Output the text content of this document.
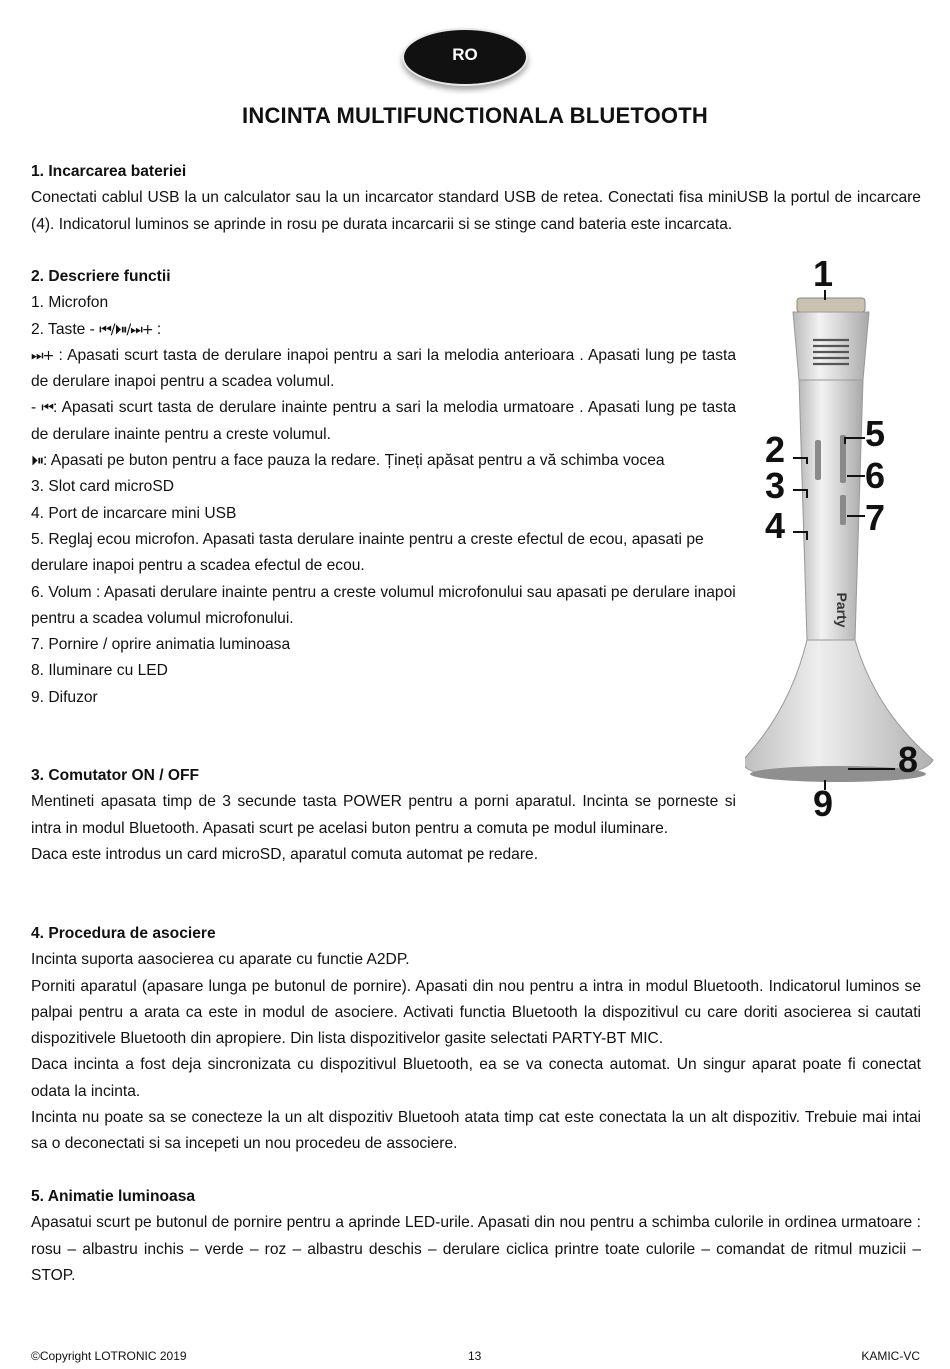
RO
INCINTA MULTIFUNCTIONALA BLUETOOTH

1. Incarcarea bateriei

Conectati cablul USB la un calculator sau la un incarcator standard USB de retea. Conectati fisa miniUSB la portul de incarcare (4). Indicatorul luminos se aprinde in rosu pe durata incarcarii si se stinge cand bateria este incarcata.

2. Descriere functii

1. Microfon

2. Taste - ⏮/⏵⏸/⏭+ :

⏭+ : Apasati scurt tasta de derulare inapoi pentru a sari la melodia anterioara . Apasati lung pe tasta de derulare inapoi pentru a scadea volumul.

- ⏮: Apasati scurt tasta de derulare inainte pentru a sari la melodia urmatoare . Apasati lung pe tasta de derulare inainte pentru a creste volumul.

⏵⏸: Apasati pe buton pentru a face pauza la redare. Țineți apăsat pentru a vă schimba vocea

3. Slot card microSD

4. Port de incarcare mini USB

5. Reglaj ecou microfon. Apasati tasta derulare inainte pentru a creste efectul de ecou, apasati pe derulare inapoi pentru a scadea efectul de ecou.

6. Volum : Apasati derulare inainte pentru a creste volumul microfonului sau apasati pe derulare inapoi pentru a scadea volumul microfonului.

7. Pornire / oprire animatia luminoasa

8. Iluminare cu LED

9. Difuzor

3. Comutator ON / OFF

Mentineti apasata timp de 3 secunde tasta POWER pentru a porni aparatul. Incinta se porneste si intra in modul Bluetooth. Apasati scurt pe acelasi buton pentru a comuta pe modul iluminare.

Daca este introdus un card microSD, aparatul comuta automat pe redare.

4. Procedura de asociere

Incinta suporta aasocierea cu aparate cu functie A2DP.

Porniti aparatul (apasare lunga pe butonul de pornire). Apasati din nou pentru a intra in modul Bluetooth. Indicatorul luminos se palpai pentru a arata ca este in modul de asociere. Activati functia Bluetooth la dispozitivul cu care doriti asocierea si cautati dispozitivele Bluetooth din apropiere. Din lista dispozitivelor gasite selectati PARTY-BT MIC.

Daca incinta a fost deja sincronizata cu dispozitivul Bluetooth, ea se va conecta automat. Un singur aparat poate fi conectat odata la incinta.

Incinta nu poate sa se conecteze la un alt dispozitiv Bluetooh atata timp cat este conectata la un alt dispozitiv. Trebuie mai intai sa o deconectati si sa incepeti un nou procedeu de associere.

5. Animatie luminoasa

Apasatui scurt pe butonul de pornire pentru a aprinde LED-urile. Apasati din nou pentru a schimba culorile in ordinea urmatoare : rosu – albastru inchis – verde – roz – albastru deschis – derulare ciclica printre toate culorile – comandat de ritmul muzicii – STOP.

Party
1
2
3
4
5
6
7
8
9
©Copyright LOTRONIC 2019	13	KAMIC-VC
